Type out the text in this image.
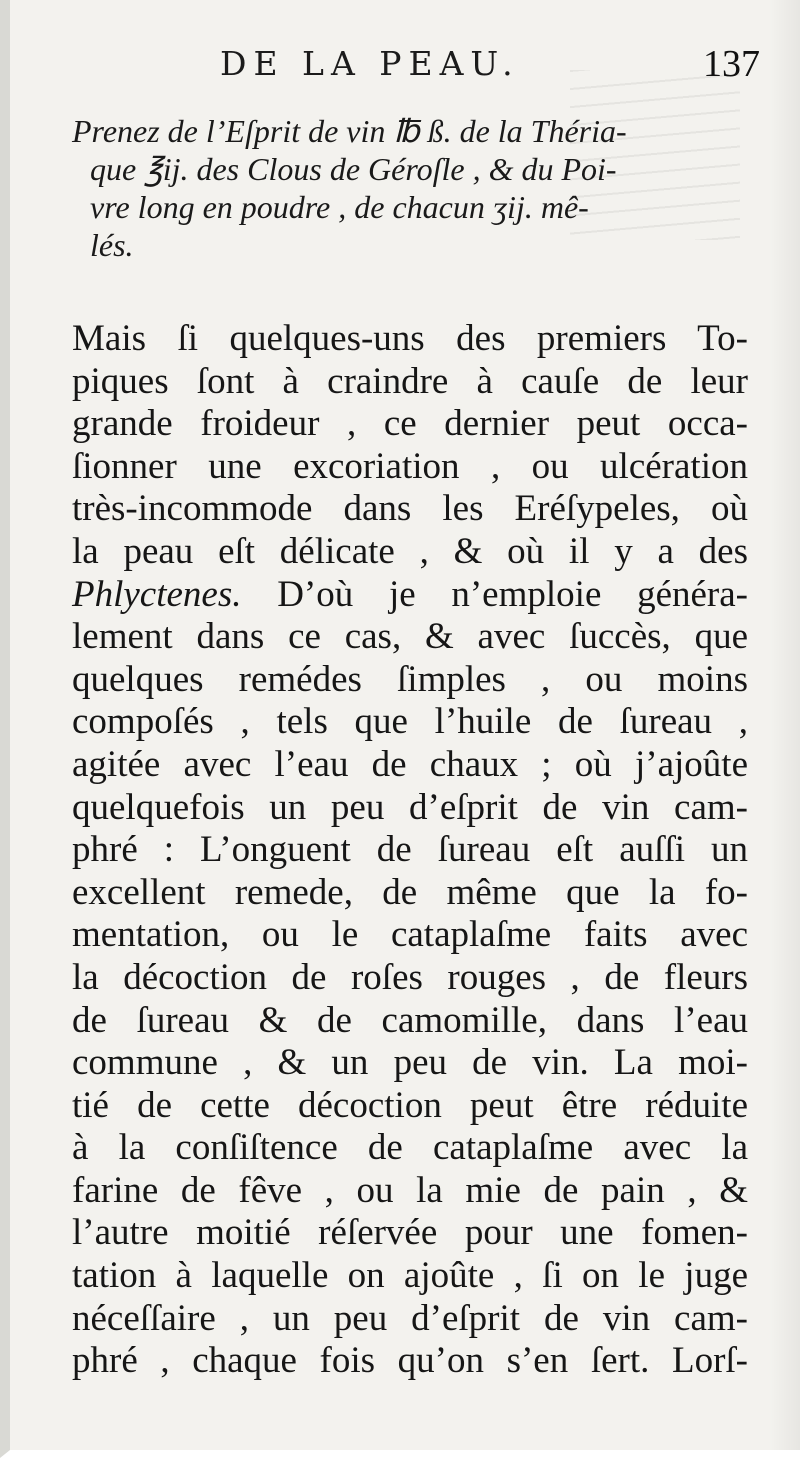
DE LA PEAU.	137
Prenez de l’Eſprit de vin ℔ ß. de la Thériа-
que ℥ij. des Clous de Géroſle , & du Poi-
vre long en poudre , de chacun ʒij. mê-
lés.
Mais ſi quelques-uns des premiers To-
piques ſont à craindre à cauſe de leur
grande froideur , ce dernier peut occa-
ſionner une excoriation , ou ulcération
très-incommode dans les Eréſypeles, où
la peau eſt délicate , & où il y a des
Phlyctenes. D’où je n’emploie généra-
lement dans ce cas, & avec ſuccès, que
quelques remédes ſimples , ou moins
compoſés , tels que l’huile de ſureau ,
agitée avec l’eau de chaux ; où j’ajoûte
quelquefois un peu d’eſprit de vin cam-
phré : L’onguent de ſureau eſt auſſi un
excellent remede, de même que la fo-
mentation, ou le cataplaſme faits avec
la décoction de roſes rouges , de fleurs
de ſureau & de camomille, dans l’eau
commune , & un peu de vin. La moi-
tié de cette décoction peut être réduite
à la conſiſtence de cataplaſme avec la
farine de fêve , ou la mie de pain , &
l’autre moitié réſervée pour une fomen-
tation à laquelle on ajoûte , ſi on le juge
néceſſaire , un peu d’eſprit de vin cam-
phré , chaque fois qu’on s’en ſert. Lorſ-
